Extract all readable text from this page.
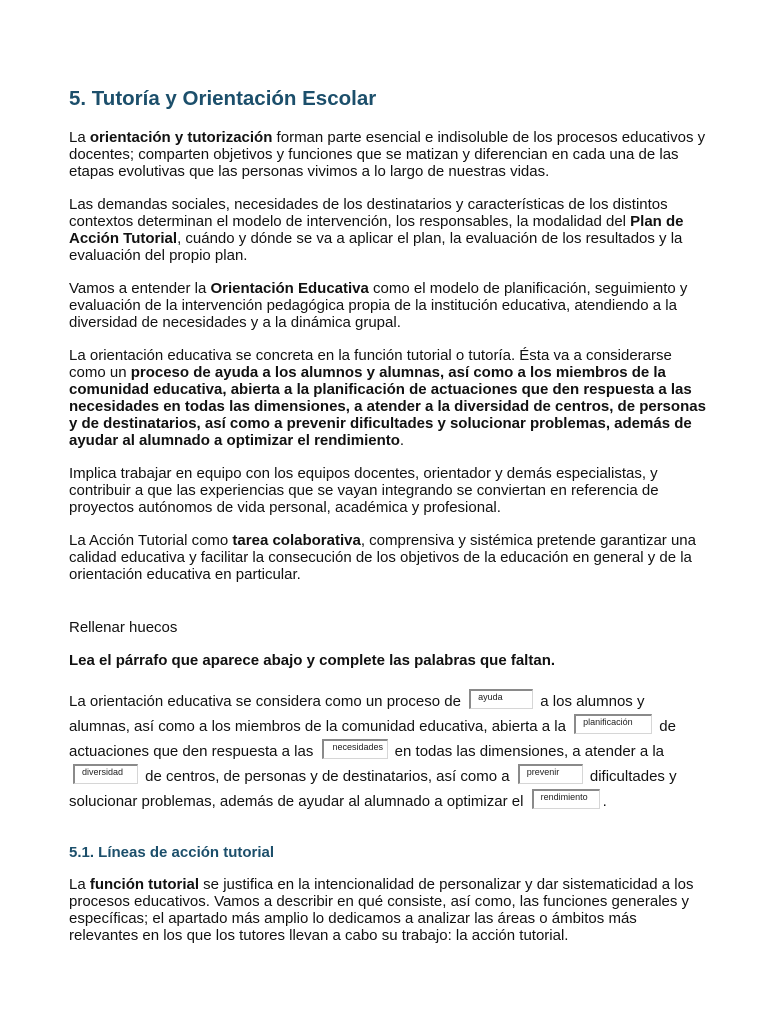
5. Tutoría y Orientación Escolar

La orientación y tutorización forman parte esencial e indisoluble de los procesos educativos y docentes; comparten objetivos y funciones que se matizan y diferencian en cada una de las etapas evolutivas que las personas vivimos a lo largo de nuestras vidas.

Las demandas sociales, necesidades de los destinatarios y características de los distintos contextos determinan el modelo de intervención, los responsables, la modalidad del Plan de Acción Tutorial, cuándo y dónde se va a aplicar el plan, la evaluación de los resultados y la evaluación del propio plan.

Vamos a entender la Orientación Educativa como el modelo de planificación, seguimiento y evaluación de la intervención pedagógica propia de la institución educativa, atendiendo a la diversidad de necesidades y a la dinámica grupal.

La orientación educativa se concreta en la función tutorial o tutoría. Ésta va a considerarse como un proceso de ayuda a los alumnos y alumnas, así como a los miembros de la comunidad educativa, abierta a la planificación de actuaciones que den respuesta a las necesidades en todas las dimensiones, a atender a la diversidad de centros, de personas y de destinatarios, así como a prevenir dificultades y solucionar problemas, además de ayudar al alumnado a optimizar el rendimiento.

Implica trabajar en equipo con los equipos docentes, orientador y demás especialistas, y contribuir a que las experiencias que se vayan integrando se conviertan en referencia de proyectos autónomos de vida personal, académica y profesional.

La Acción Tutorial como tarea colaborativa, comprensiva y sistémica pretende garantizar una calidad educativa y facilitar la consecución de los objetivos de la educación en general y de la orientación educativa en particular.

Rellenar huecos

Lea el párrafo que aparece abajo y complete las palabras que faltan.

La orientación educativa se considera como un proceso de ayuda a los alumnos y alumnas, así como a los miembros de la comunidad educativa, abierta a la planificación de actuaciones que den respuesta a las necesidades en todas las dimensiones, a atender a la
diversidad de centros, de personas y de destinatarios, así como a prevenir dificultades y solucionar problemas, además de ayudar al alumnado a optimizar el rendimiento .

5.1. Líneas de acción tutorial

La función tutorial se justifica en la intencionalidad de personalizar y dar sistematicidad a los procesos educativos. Vamos a describir en qué consiste, así como, las funciones generales y específicas; el apartado más amplio lo dedicamos a analizar las áreas o ámbitos más relevantes en los que los tutores llevan a cabo su trabajo: la acción tutorial.
